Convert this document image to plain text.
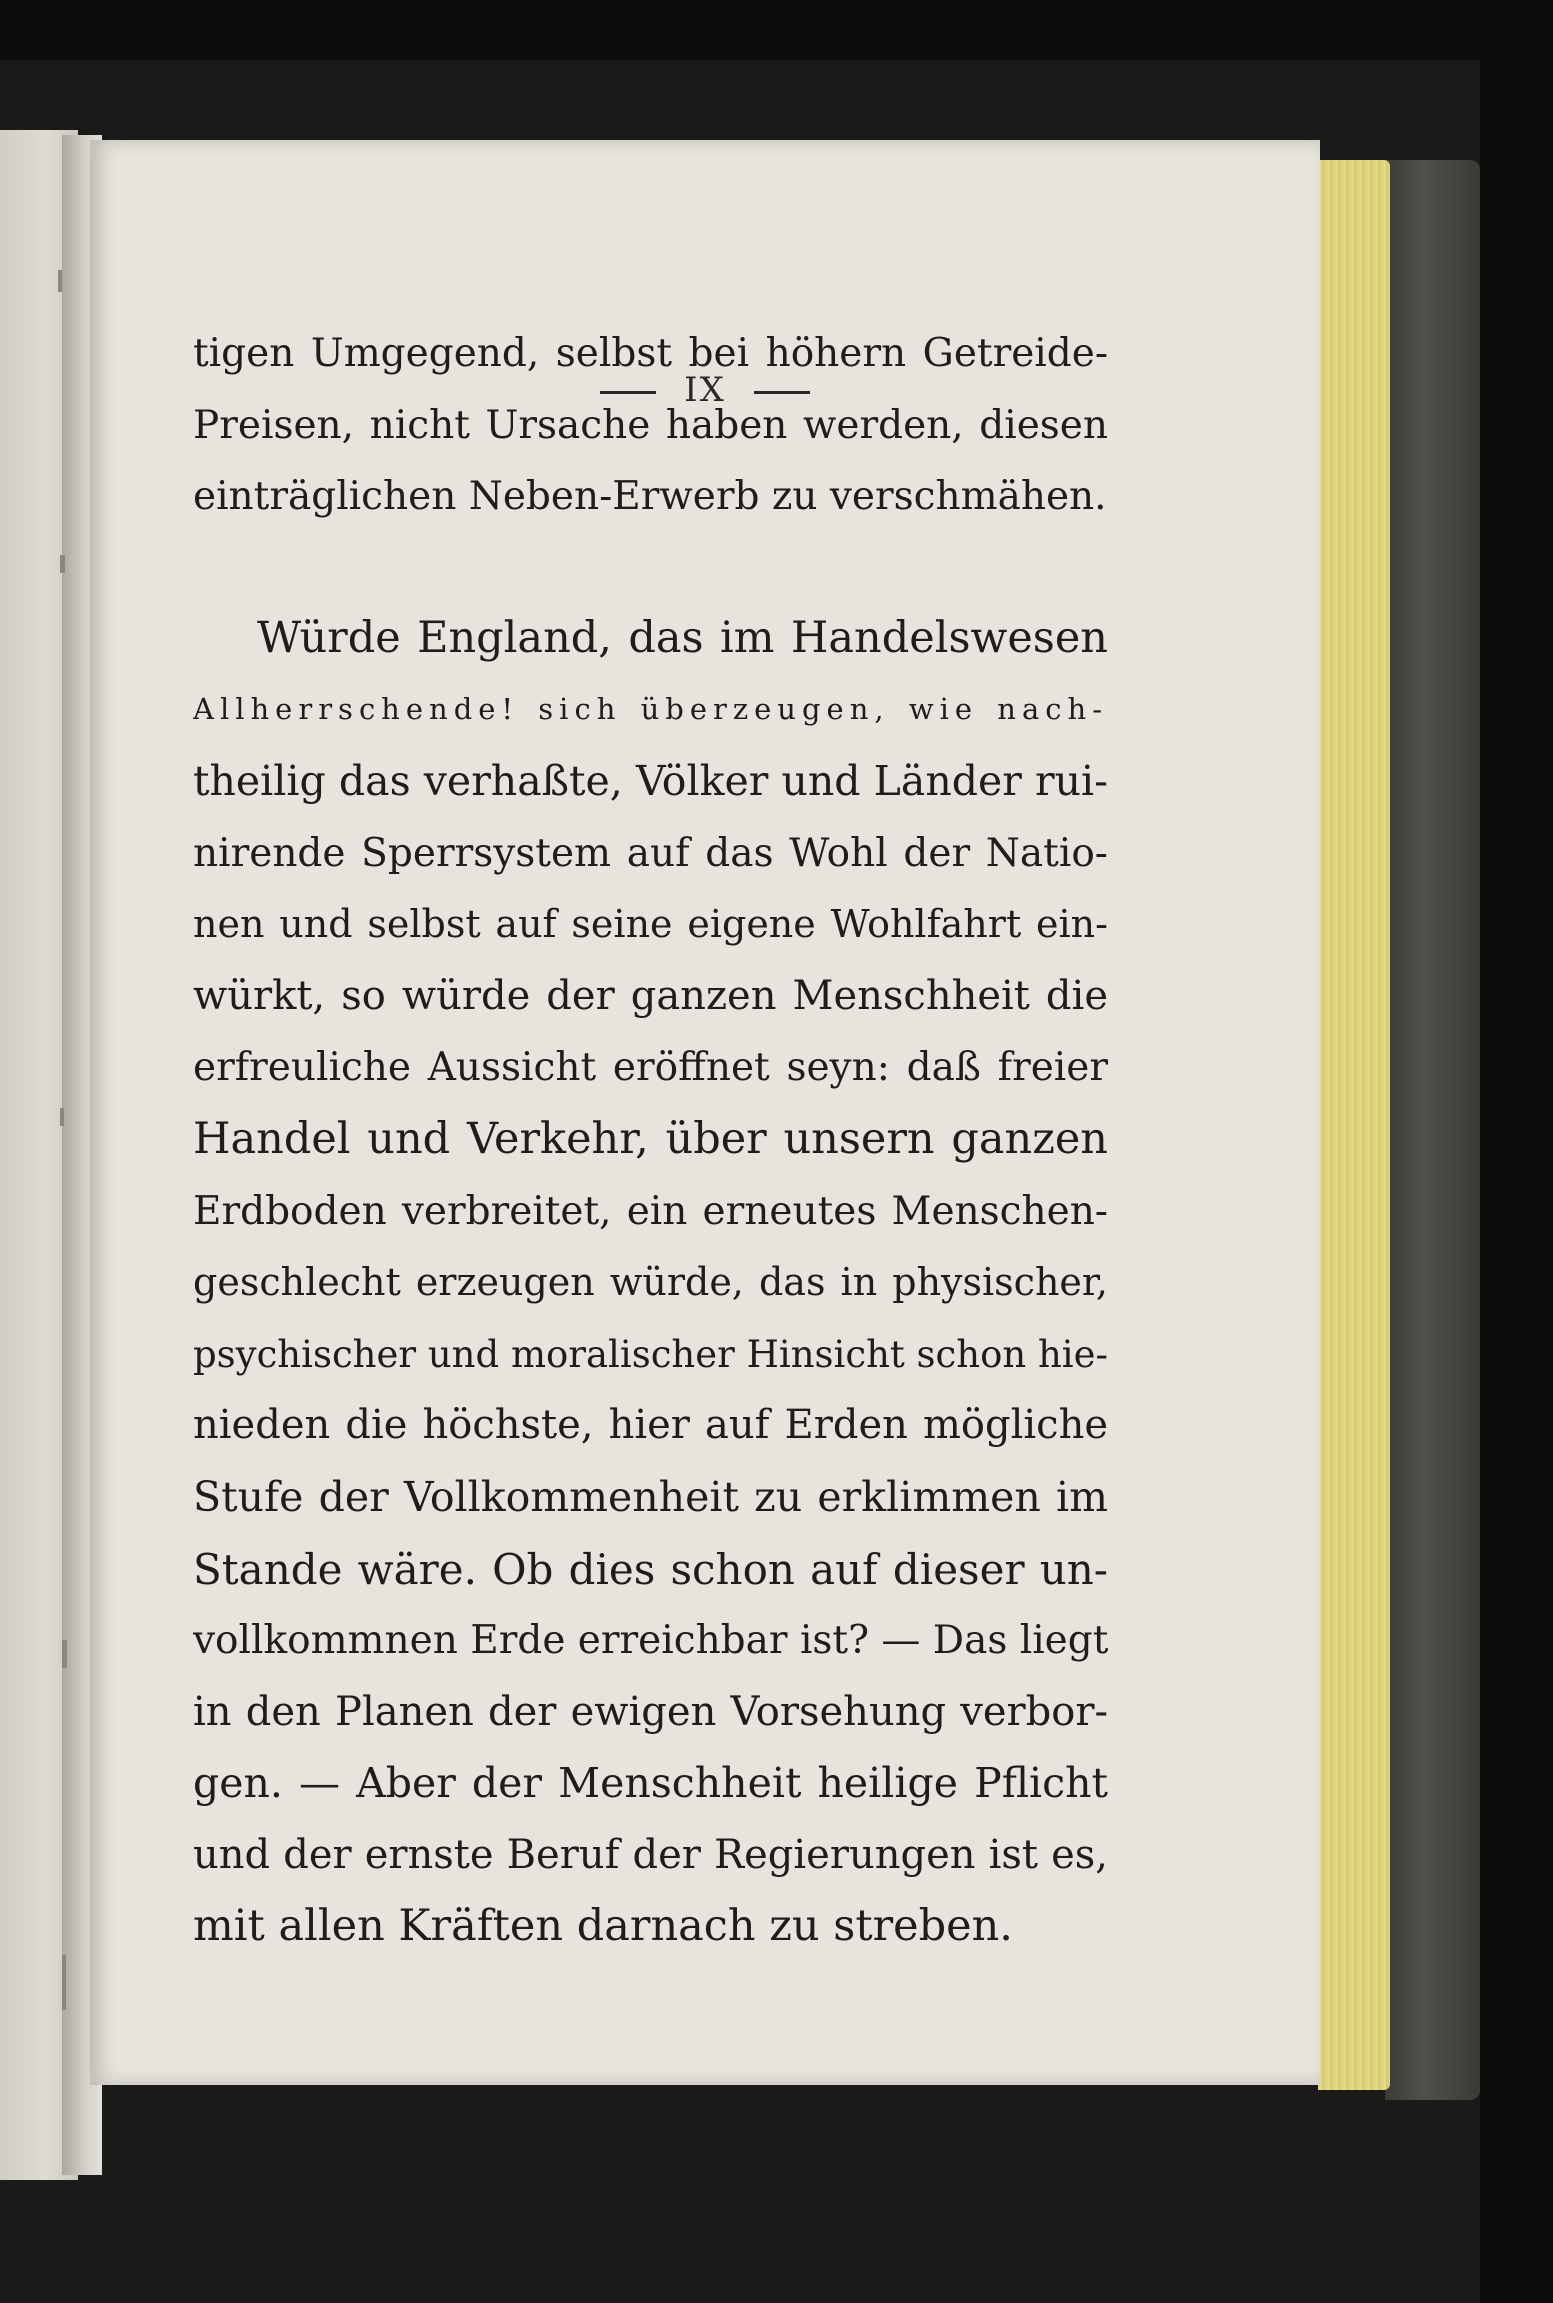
IX
tigen Umgegend, selbst bei höhern Getreide-
Preisen, nicht Ursache haben werden, diesen
einträglichen Neben-Erwerb zu verschmähen.
Würde England, das im Handelswesen
Allherrschende! sich überzeugen, wie nach-
theilig das verhaßte, Völker und Länder rui-
nirende Sperrsystem auf das Wohl der Natio-
nen und selbst auf seine eigene Wohlfahrt ein-
würkt, so würde der ganzen Menschheit die
erfreuliche Aussicht eröffnet seyn: daß freier
Handel und Verkehr, über unsern ganzen
Erdboden verbreitet, ein erneutes Menschen-
geschlecht erzeugen würde, das in physischer,
psychischer und moralischer Hinsicht schon hie-
nieden die höchste, hier auf Erden mögliche
Stufe der Vollkommenheit zu erklimmen im
Stande wäre. Ob dies schon auf dieser un-
vollkommnen Erde erreichbar ist? — Das liegt
in den Planen der ewigen Vorsehung verbor-
gen. — Aber der Menschheit heilige Pflicht
und der ernste Beruf der Regierungen ist es,
mit allen Kräften darnach zu streben.
